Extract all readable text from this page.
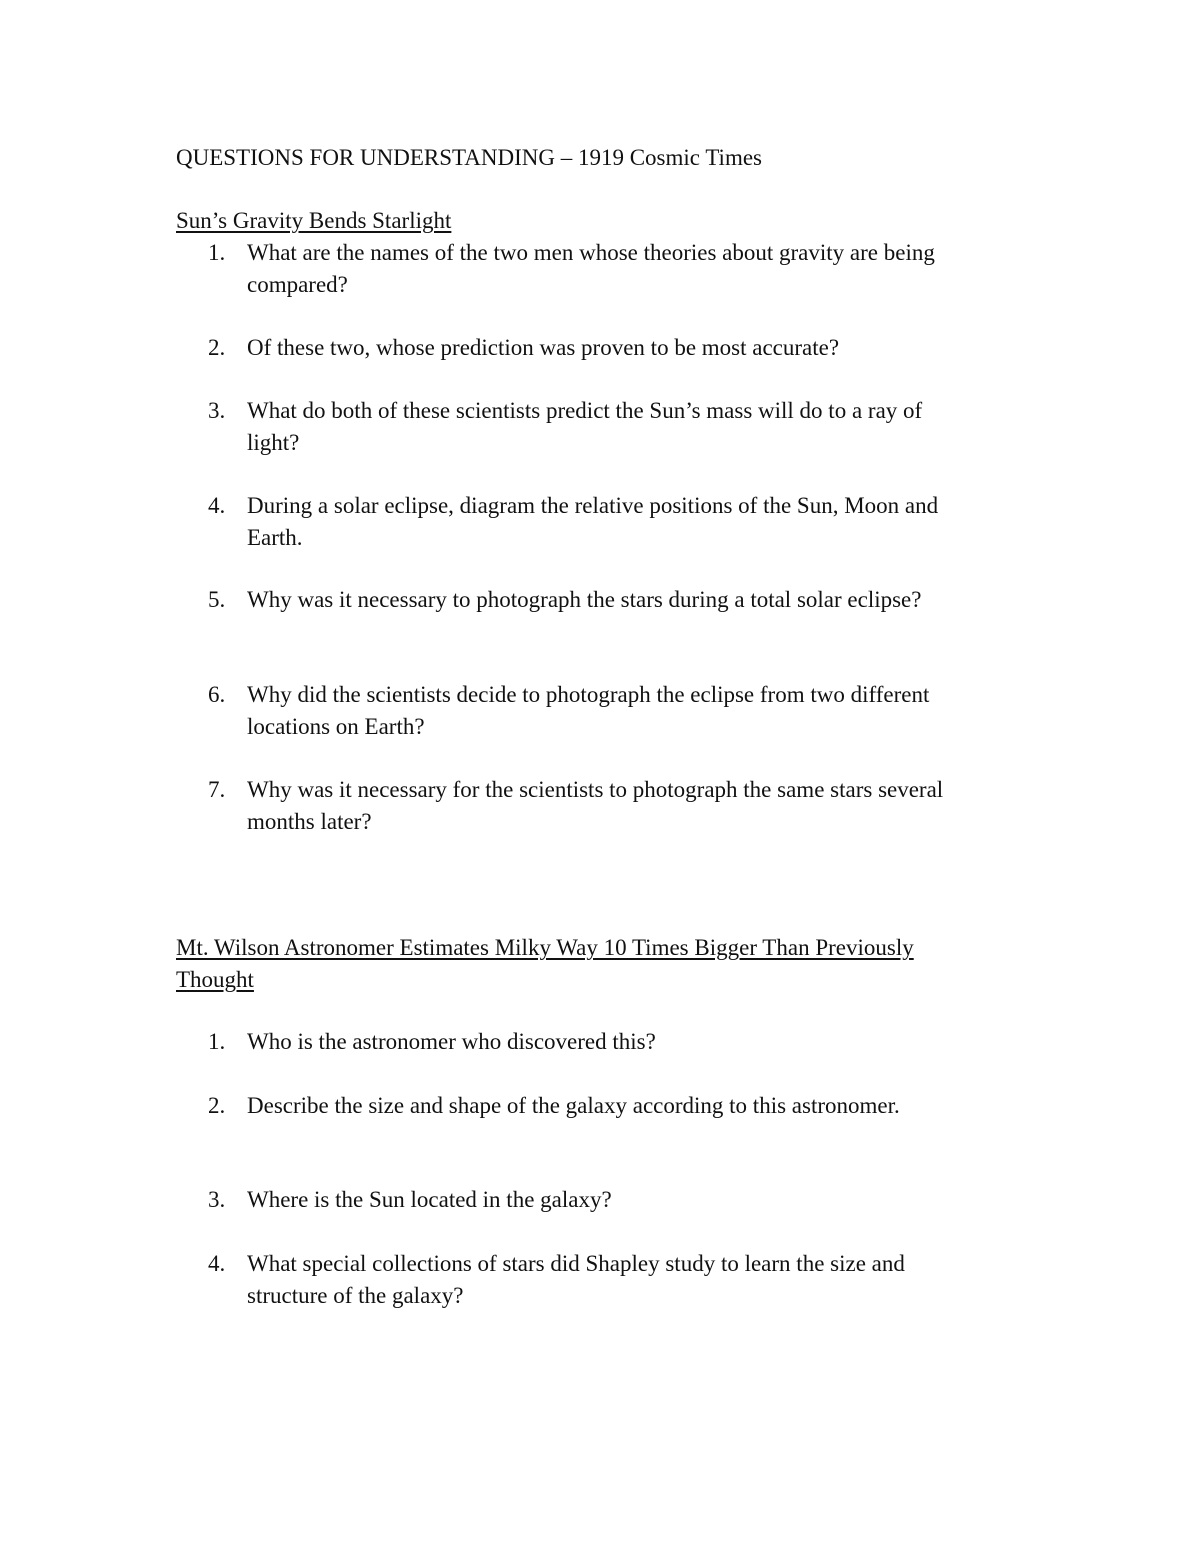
QUESTIONS FOR UNDERSTANDING – 1919 Cosmic Times
Sun’s Gravity Bends Starlight
1. What are the names of the two men whose theories about gravity are being compared?
2. Of these two, whose prediction was proven to be most accurate?
3. What do both of these scientists predict the Sun’s mass will do to a ray of light?
4. During a solar eclipse, diagram the relative positions of the Sun, Moon and Earth.
5. Why was it necessary to photograph the stars during a total solar eclipse?
6. Why did the scientists decide to photograph the eclipse from two different locations on Earth?
7. Why was it necessary for the scientists to photograph the same stars several months later?
Mt. Wilson Astronomer Estimates Milky Way 10 Times Bigger Than Previously Thought
1. Who is the astronomer who discovered this?
2. Describe the size and shape of the galaxy according to this astronomer.
3. Where is the Sun located in the galaxy?
4. What special collections of stars did Shapley study to learn the size and structure of the galaxy?
